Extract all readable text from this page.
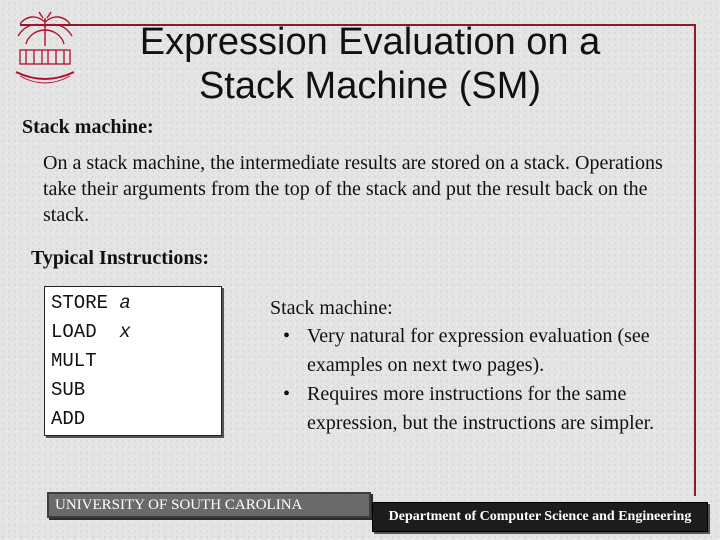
Expression Evaluation on a
Stack Machine (SM)
Stack machine:
On a stack machine, the intermediate results are stored on a stack. Operations take their arguments from the top of the stack and put the result back on the stack.
Typical Instructions:
STORE a
LOAD x
MULT
SUB
ADD
Stack machine:
• Very natural for expression evaluation (see examples on next two pages).
• Requires more instructions for the same expression, but the instructions are simpler.
UNIVERSITY OF SOUTH CAROLINA
Department of Computer Science and Engineering
